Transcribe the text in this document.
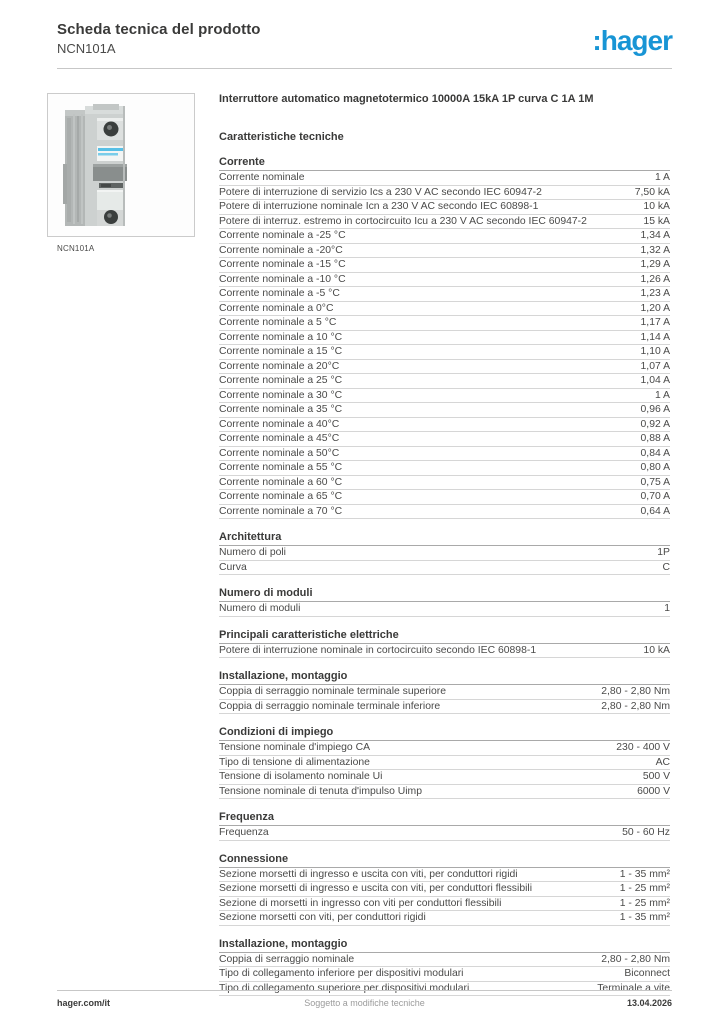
Scheda tecnica del prodotto
NCN101A	:hager
NCN101A
Interruttore automatico magnetotermico 10000A 15kA 1P curva C 1A 1M
Caratteristiche tecniche
Corrente
Corrente nominale	1 A
Potere di interruzione di servizio Ics a 230 V AC secondo IEC 60947-2	7,50 kA
Potere di interruzione nominale Icn a 230 V AC secondo IEC 60898-1	10 kA
Potere di interruz. estremo in cortocircuito Icu a 230 V AC secondo IEC 60947-2	15 kA
Corrente nominale a -25 °C	1,34 A
Corrente nominale a -20°C	1,32 A
Corrente nominale a -15 °C	1,29 A
Corrente nominale a -10 °C	1,26 A
Corrente nominale a -5 °C	1,23 A
Corrente nominale a 0°C	1,20 A
Corrente nominale a 5 °C	1,17 A
Corrente nominale a 10 °C	1,14 A
Corrente nominale a 15 °C	1,10 A
Corrente nominale a 20°C	1,07 A
Corrente nominale a 25 °C	1,04 A
Corrente nominale a 30 °C	1 A
Corrente nominale a 35 °C	0,96 A
Corrente nominale a 40°C	0,92 A
Corrente nominale a 45°C	0,88 A
Corrente nominale a 50°C	0,84 A
Corrente nominale a 55 °C	0,80 A
Corrente nominale a 60 °C	0,75 A
Corrente nominale a 65 °C	0,70 A
Corrente nominale a 70 °C	0,64 A
Architettura
Numero di poli	1P
Curva	C
Numero di moduli
Numero di moduli	1
Principali caratteristiche elettriche
Potere di interruzione nominale in cortocircuito secondo IEC 60898-1	10 kA
Installazione, montaggio
Coppia di serraggio nominale terminale superiore	2,80 - 2,80 Nm
Coppia di serraggio nominale terminale inferiore	2,80 - 2,80 Nm
Condizioni di impiego
Tensione nominale d'impiego CA	230 - 400 V
Tipo di tensione di alimentazione	AC
Tensione di isolamento nominale Ui	500 V
Tensione nominale di tenuta d'impulso Uimp	6000 V
Frequenza
Frequenza	50 - 60 Hz
Connessione
Sezione morsetti di ingresso e uscita con viti, per conduttori rigidi	1 - 35 mm²
Sezione morsetti di ingresso e uscita con viti, per conduttori flessibili	1 - 25 mm²
Sezione di morsetti in ingresso con viti per conduttori flessibili	1 - 25 mm²
Sezione morsetti con viti, per conduttori rigidi	1 - 35 mm²
Installazione, montaggio
Coppia di serraggio nominale	2,80 - 2,80 Nm
Tipo di collegamento inferiore per dispositivi modulari	Biconnect
Tipo di collegamento superiore per dispositivi modulari	Terminale a vite
hager.com/it	Soggetto a modifiche tecniche	13.04.2026
